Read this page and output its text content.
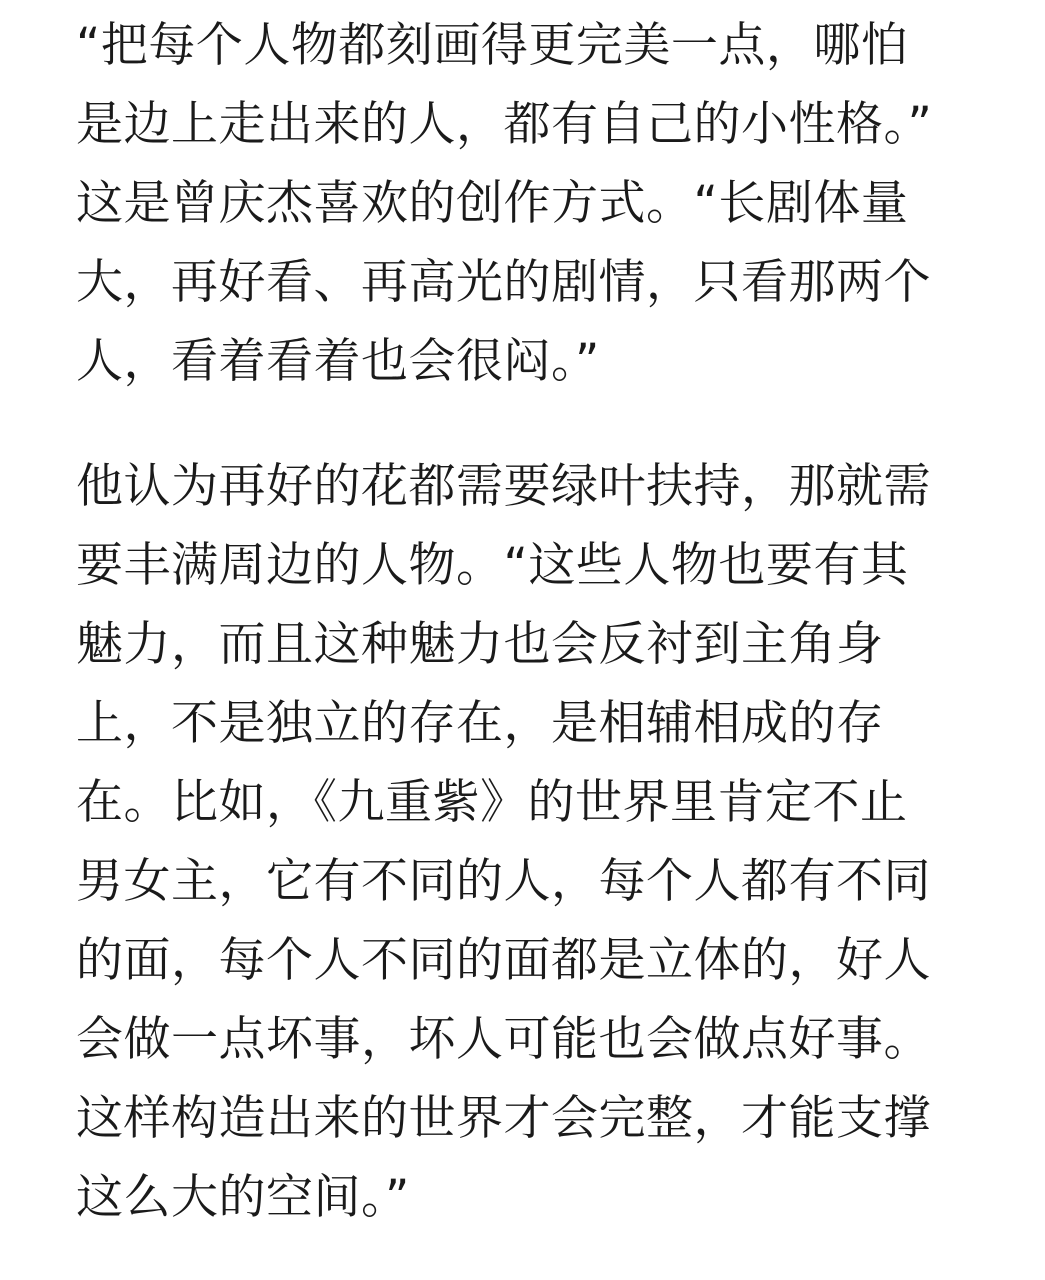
“把每个人物都刻画得更完美一点，哪怕
是边上走出来的人，都有自己的小性格。”
这是曾庆杰喜欢的创作方式。“长剧体量
大，再好看、再高光的剧情，只看那两个
人，看着看着也会很闷。”
他认为再好的花都需要绿叶扶持，那就需
要丰满周边的人物。“这些人物也要有其
魅力，而且这种魅力也会反衬到主角身
上，不是独立的存在，是相辅相成的存
在。比如，《九重紫》的世界里肯定不止
男女主，它有不同的人，每个人都有不同
的面，每个人不同的面都是立体的，好人
会做一点坏事，坏人可能也会做点好事。
这样构造出来的世界才会完整，才能支撑
这么大的空间。”
